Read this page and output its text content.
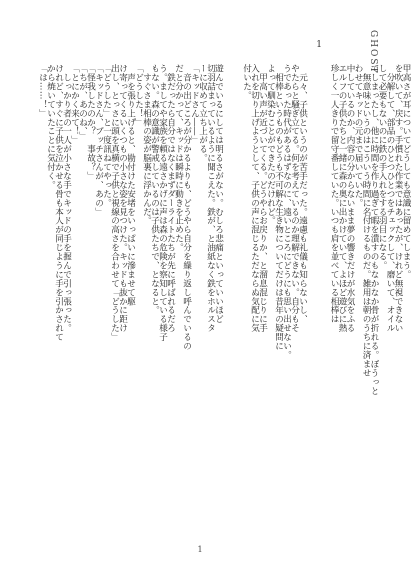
GHOST
1
珍しく一人きりで留守番していた。いつも肩を並べている相棒は
エルフの子供たちと一緒に森の奥に出かけていて、よほど遊びに熱
中しているのか、内容の分からないまま夢の響きだけが水気をふる
わせてキッドの元まで届いていた。
　無意味というのはこういう時間に名付けるものだ。雑用は朝のうちに済ませ
てしまったし、他に時間を作り過ぎて暇を潰すのもなかなか骨が折れる。ぼうっと
して必要もないのに鉄の手入れをする羽目になる。
　分解して、部品のひとつひとつをチェックして、磨いて、オイル
を吹いて、戻す。手慣れた作業ではあったが、けれど無視できない
甲高さが耳についてどうしても意識に留めてしまう。
　元々、子供というのが苦手だった。遠慮も礼儀も知らないし、
やたらと騒ぎ立てる。何を考えているのか理解できない。自分もそ
うであった時代があるはずなのに、遠いところにどうにも思い出せない。
　相棒というものもどうも不可解な生き物についてだけは昔年の疑問に
よって馴染むことができたのだけれど。
　甲高い声が近づいてくる。どうやらお戻りか、と溜息混じりに手
入れを切り上げようとして、子供の声に混じるただならぬ気配に気
付いた。
遊んでいるにしては明るさがない。むしろ悲痛といっていいほど
切羽詰まっているように聞こえた。鉄が、と油紙なく鉄をホルスタ
ーに収めて立ち上がる。
「キッドさん――」
　音の出どころが分かるよりも、どうやら自分を繰り返し呼んでいるの
だと分かって、キッドは瞬時に動きを止めた。
　鉄だったら自分ではなくまずダーライトたちが先に呼ばれるだろ
う。ましてや家族を頼る遠さかげに声は森の危険を察知している様子
もない。森の意識が警戒しているのは子供たちで、となると。
　すぐさま相棒の姿が脳裏に浮かんだ。
「どうした！」
　声を張り上げると、勘付けた安堵をいっぱいに滲ませて駆
け寄ってくるいくつもの小さな姿を見つけた。キッドも抜かに距け
出し、とっさに頭を真横で子供と視線の高さを合わせて「どうした」
「どうした」と一度訊ねてやった。
「キッドさん、ブッチさんが、あの」
「怪我したのか？　事故？」
「ちが、あのね、」
「とにかく来て！」
　しっかり者の一人が小さな手でキッドの手を握んで引っ張った。
けれど、すぐに子供を泣かせる骨も本人が同じように手を引かされて
から焼いていたことに気付く。
「は……！」
1
